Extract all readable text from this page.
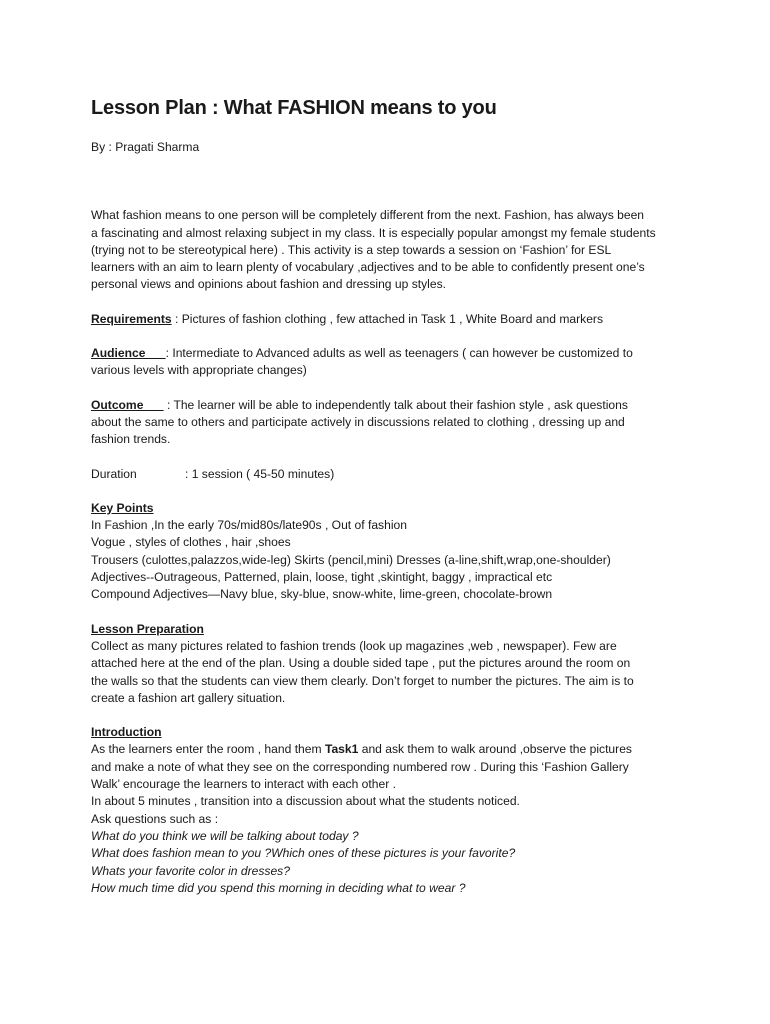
Lesson Plan : What FASHION means to you

By : Pragati Sharma

What fashion means to one person will be completely different from the next. Fashion, has always been

a fascinating and almost relaxing subject in my class. It is especially popular amongst my female students

(trying not to be stereotypical here) . This activity is a step towards a session on ‘Fashion’ for ESL

learners with an aim to learn plenty of vocabulary ,adjectives and to be able to confidently present one’s

personal views and opinions about fashion and dressing up styles.

Requirements : Pictures of fashion clothing , few attached in Task 1 , White Board and markers

Audience      : Intermediate to Advanced adults as well as teenagers ( can however be customized to

various levels with appropriate changes)

Outcome       : The learner will be able to independently talk about their fashion style , ask questions

about the same to others and participate actively in discussions related to clothing , dressing up and

fashion trends.

Duration	: 1 session ( 45-50 minutes)

Key Points

In Fashion ,In the early 70s/mid80s/late90s , Out of fashion

Vogue , styles of clothes , hair ,shoes

Trousers (culottes,palazzos,wide-leg) Skirts (pencil,mini) Dresses (a-line,shift,wrap,one-shoulder)

Adjectives--Outrageous, Patterned, plain, loose, tight ,skintight, baggy , impractical etc

Compound Adjectives—Navy blue, sky-blue, snow-white, lime-green, chocolate-brown

Lesson Preparation

Collect as many pictures related to fashion trends (look up magazines ,web , newspaper). Few are

attached here at the end of the plan. Using a double sided tape , put the pictures around the room on

the walls so that the students can view them clearly. Don’t forget to number the pictures. The aim is to

create a fashion art gallery situation.

Introduction

As the learners enter the room , hand them Task1 and ask them to walk around ,observe the pictures

and make a note of what they see on the corresponding numbered row . During this ‘Fashion Gallery

Walk’ encourage the learners to interact with each other .

In about 5 minutes , transition into a discussion about what the students noticed.

Ask questions such as :

What do you think we will be talking about today ?

What does fashion mean to you ?Which ones of these pictures is your favorite?

Whats your favorite color in dresses?

How much time did you spend this morning in deciding what to wear ?
